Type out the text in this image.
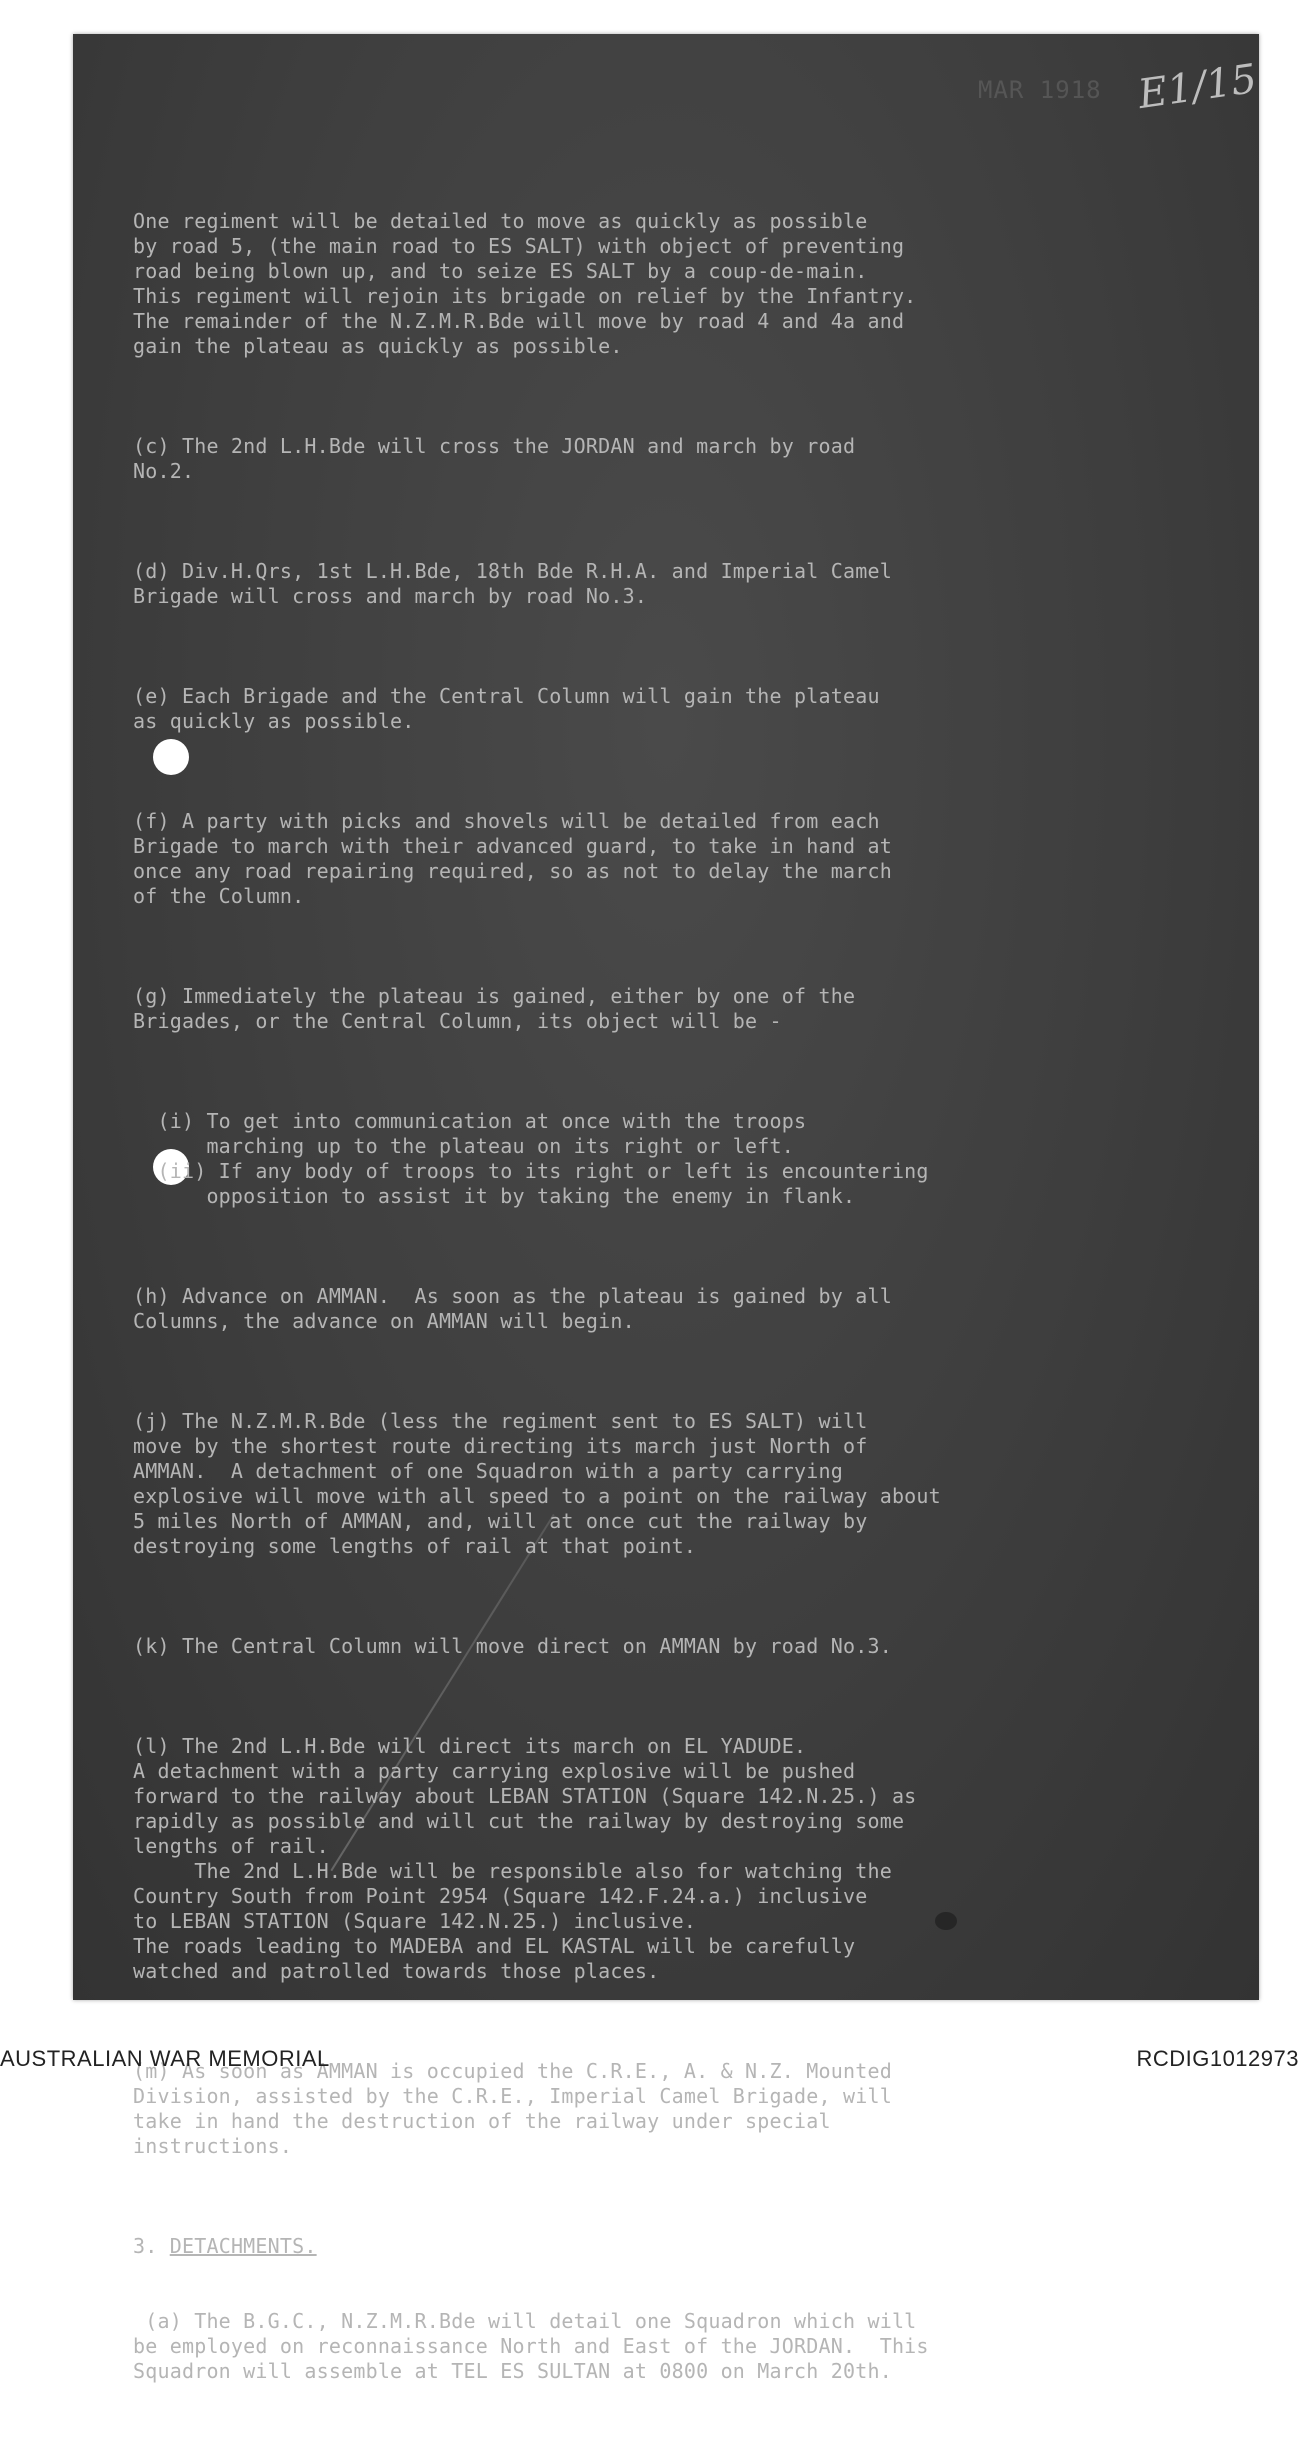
MAR 1918 E1/15

One regiment will be detailed to move as quickly as possible
by road 5, (the main road to ES SALT) with object of preventing
road being blown up, and to seize ES SALT by a coup-de-main.
This regiment will rejoin its brigade on relief by the Infantry.
The remainder of the N.Z.M.R.Bde will move by road 4 and 4a and
gain the plateau as quickly as possible.

(c) The 2nd L.H.Bde will cross the JORDAN and march by road
No.2.

(d) Div.H.Qrs, 1st L.H.Bde, 18th Bde R.H.A. and Imperial Camel
Brigade will cross and march by road No.3.

(e) Each Brigade and the Central Column will gain the plateau
as quickly as possible.

(f) A party with picks and shovels will be detailed from each
Brigade to march with their advanced guard, to take in hand at
once any road repairing required, so as not to delay the march
of the Column.

(g) Immediately the plateau is gained, either by one of the
Brigades, or the Central Column, its object will be -

(i) To get into communication at once with the troops
marching up to the plateau on its right or left.
(ii) If any body of troops to its right or left is encountering
opposition to assist it by taking the enemy in flank.

(h) Advance on AMMAN.  As soon as the plateau is gained by all
Columns, the advance on AMMAN will begin.

(j) The N.Z.M.R.Bde (less the regiment sent to ES SALT) will
move by the shortest route directing its march just North of
AMMAN.  A detachment of one Squadron with a party carrying
explosive will move with all speed to a point on the railway about
5 miles North of AMMAN, and, will at once cut the railway by
destroying some lengths of rail at that point.

(k) The Central Column will move direct on AMMAN by road No.3.

(l) The 2nd L.H.Bde will direct its march on EL YADUDE.
A detachment with a party carrying explosive will be pushed
forward to the railway about LEBAN STATION (Square 142.N.25.) as
rapidly as possible and will cut the railway by destroying some
lengths of rail.
The 2nd L.H.Bde will be responsible also for watching the
Country South from Point 2954 (Square 142.F.24.a.) inclusive
to LEBAN STATION (Square 142.N.25.) inclusive.
The roads leading to MADEBA and EL KASTAL will be carefully
watched and patrolled towards those places.

(m) As soon as AMMAN is occupied the C.R.E., A. & N.Z. Mounted
Division, assisted by the C.R.E., Imperial Camel Brigade, will
take in hand the destruction of the railway under special
instructions.

3. DETACHMENTS.

(a) The B.G.C., N.Z.M.R.Bde will detail one Squadron which will
be employed on reconnaissance North and East of the JORDAN.  This
Squadron will assemble at TEL ES SULTAN at 0800 on March 20th.

AUSTRALIAN WAR MEMORIAL	RCDIG1012973
